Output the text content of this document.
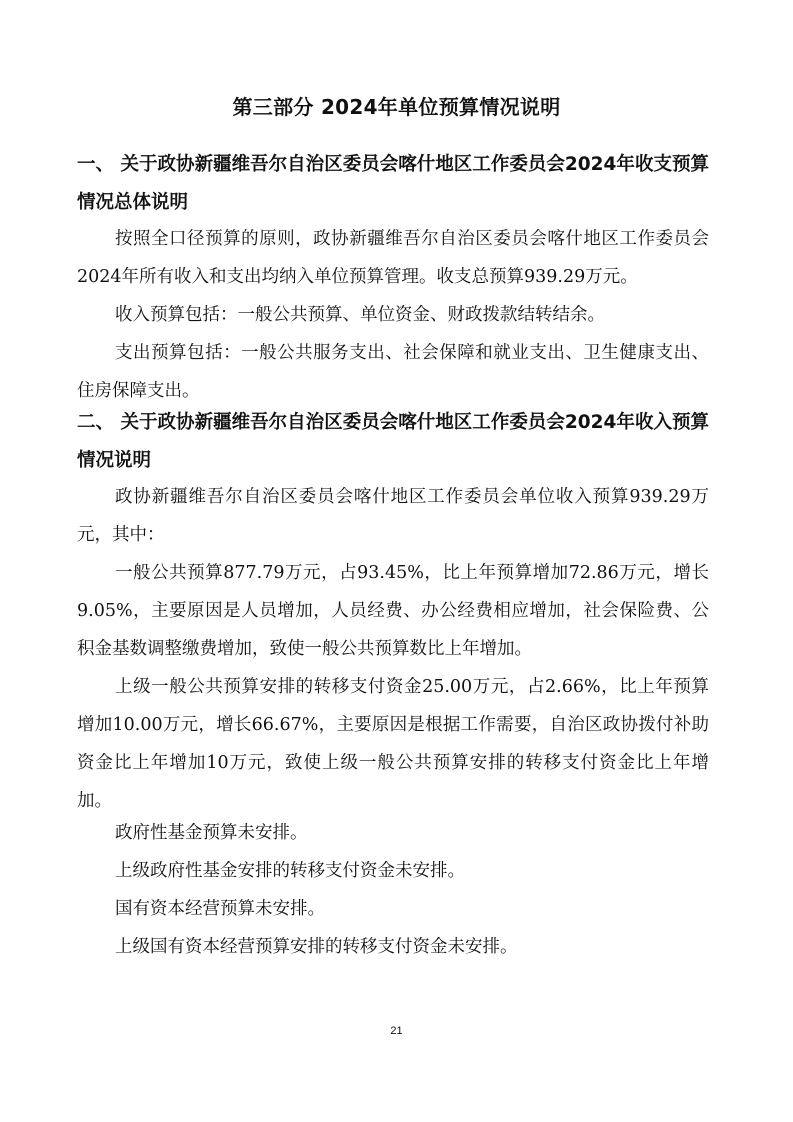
第三部分 2024年单位预算情况说明

一、 关于政协新疆维吾尔自治区委员会喀什地区工作委员会2024年收支预算情况总体说明

按照全口径预算的原则，政协新疆维吾尔自治区委员会喀什地区工作委员会2024年所有收入和支出均纳入单位预算管理。收支总预算939.29万元。

收入预算包括：一般公共预算、单位资金、财政拨款结转结余。

支出预算包括：一般公共服务支出、社会保障和就业支出、卫生健康支出、住房保障支出。

二、 关于政协新疆维吾尔自治区委员会喀什地区工作委员会2024年收入预算情况说明

政协新疆维吾尔自治区委员会喀什地区工作委员会单位收入预算939.29万元，其中：

一般公共预算877.79万元，占93.45%，比上年预算增加72.86万元，增长9.05%，主要原因是人员增加，人员经费、办公经费相应增加，社会保险费、公积金基数调整缴费增加，致使一般公共预算数比上年增加。

上级一般公共预算安排的转移支付资金25.00万元，占2.66%，比上年预算增加10.00万元，增长66.67%，主要原因是根据工作需要，自治区政协拨付补助资金比上年增加10万元，致使上级一般公共预算安排的转移支付资金比上年增加。

政府性基金预算未安排。

上级政府性基金安排的转移支付资金未安排。

国有资本经营预算未安排。

上级国有资本经营预算安排的转移支付资金未安排。

21
